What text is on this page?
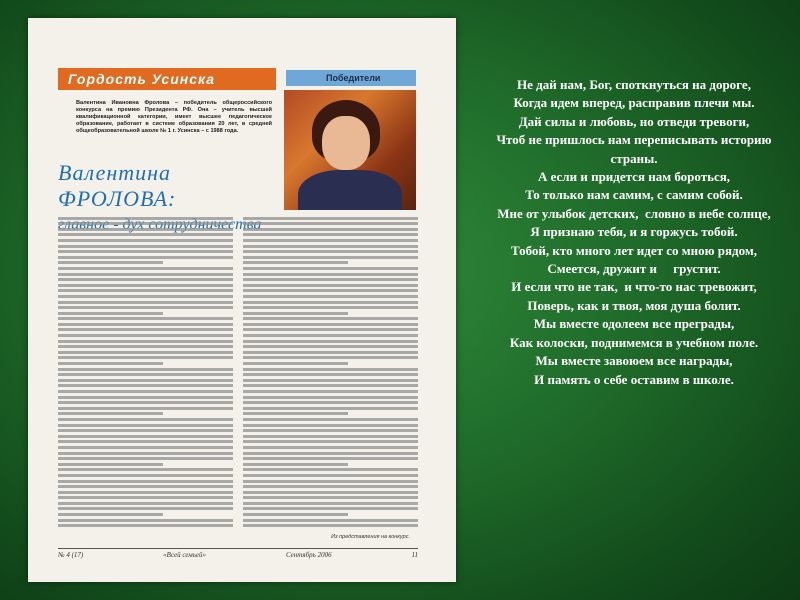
Гордость Усинска	Победители
Валентина Ивановна Фролова – победитель общероссийского конкурса на премию Президента РФ. Она – учитель высшей квалификационной категории, имеет высшее педагогическое образование, работает в системе образования 20 лет, в средней общеобразовательной школе № 1 г. Усинска – с 1988 года.
Валентина ФРОЛОВА:
Из представления на конкурс.
№ 4 (17)	«Всей семьей»	Сентябрь 2006	11
Не дай нам, Бог, споткнуться на дороге,
Когда идем вперед, расправив плечи мы.
Дай силы и любовь, но отведи тревоги,
Чтоб не пришлось нам переписывать историю страны.
А если и придется нам бороться,
То только нам самим, с самим собой.
Мне от улыбок детских,  словно в небе солнце,
Я признаю тебя, и я горжусь тобой.
Тобой, кто много лет идет со мною рядом,
Смеется, дружит и     грустит.
И если что не так,  и что-то нас тревожит,
Поверь, как и твоя, моя душа болит.
Мы вместе одолеем все преграды,
Как колоски, поднимемся в учебном поле.
Мы вместе завоюем все награды,
И память о себе оставим в школе.
